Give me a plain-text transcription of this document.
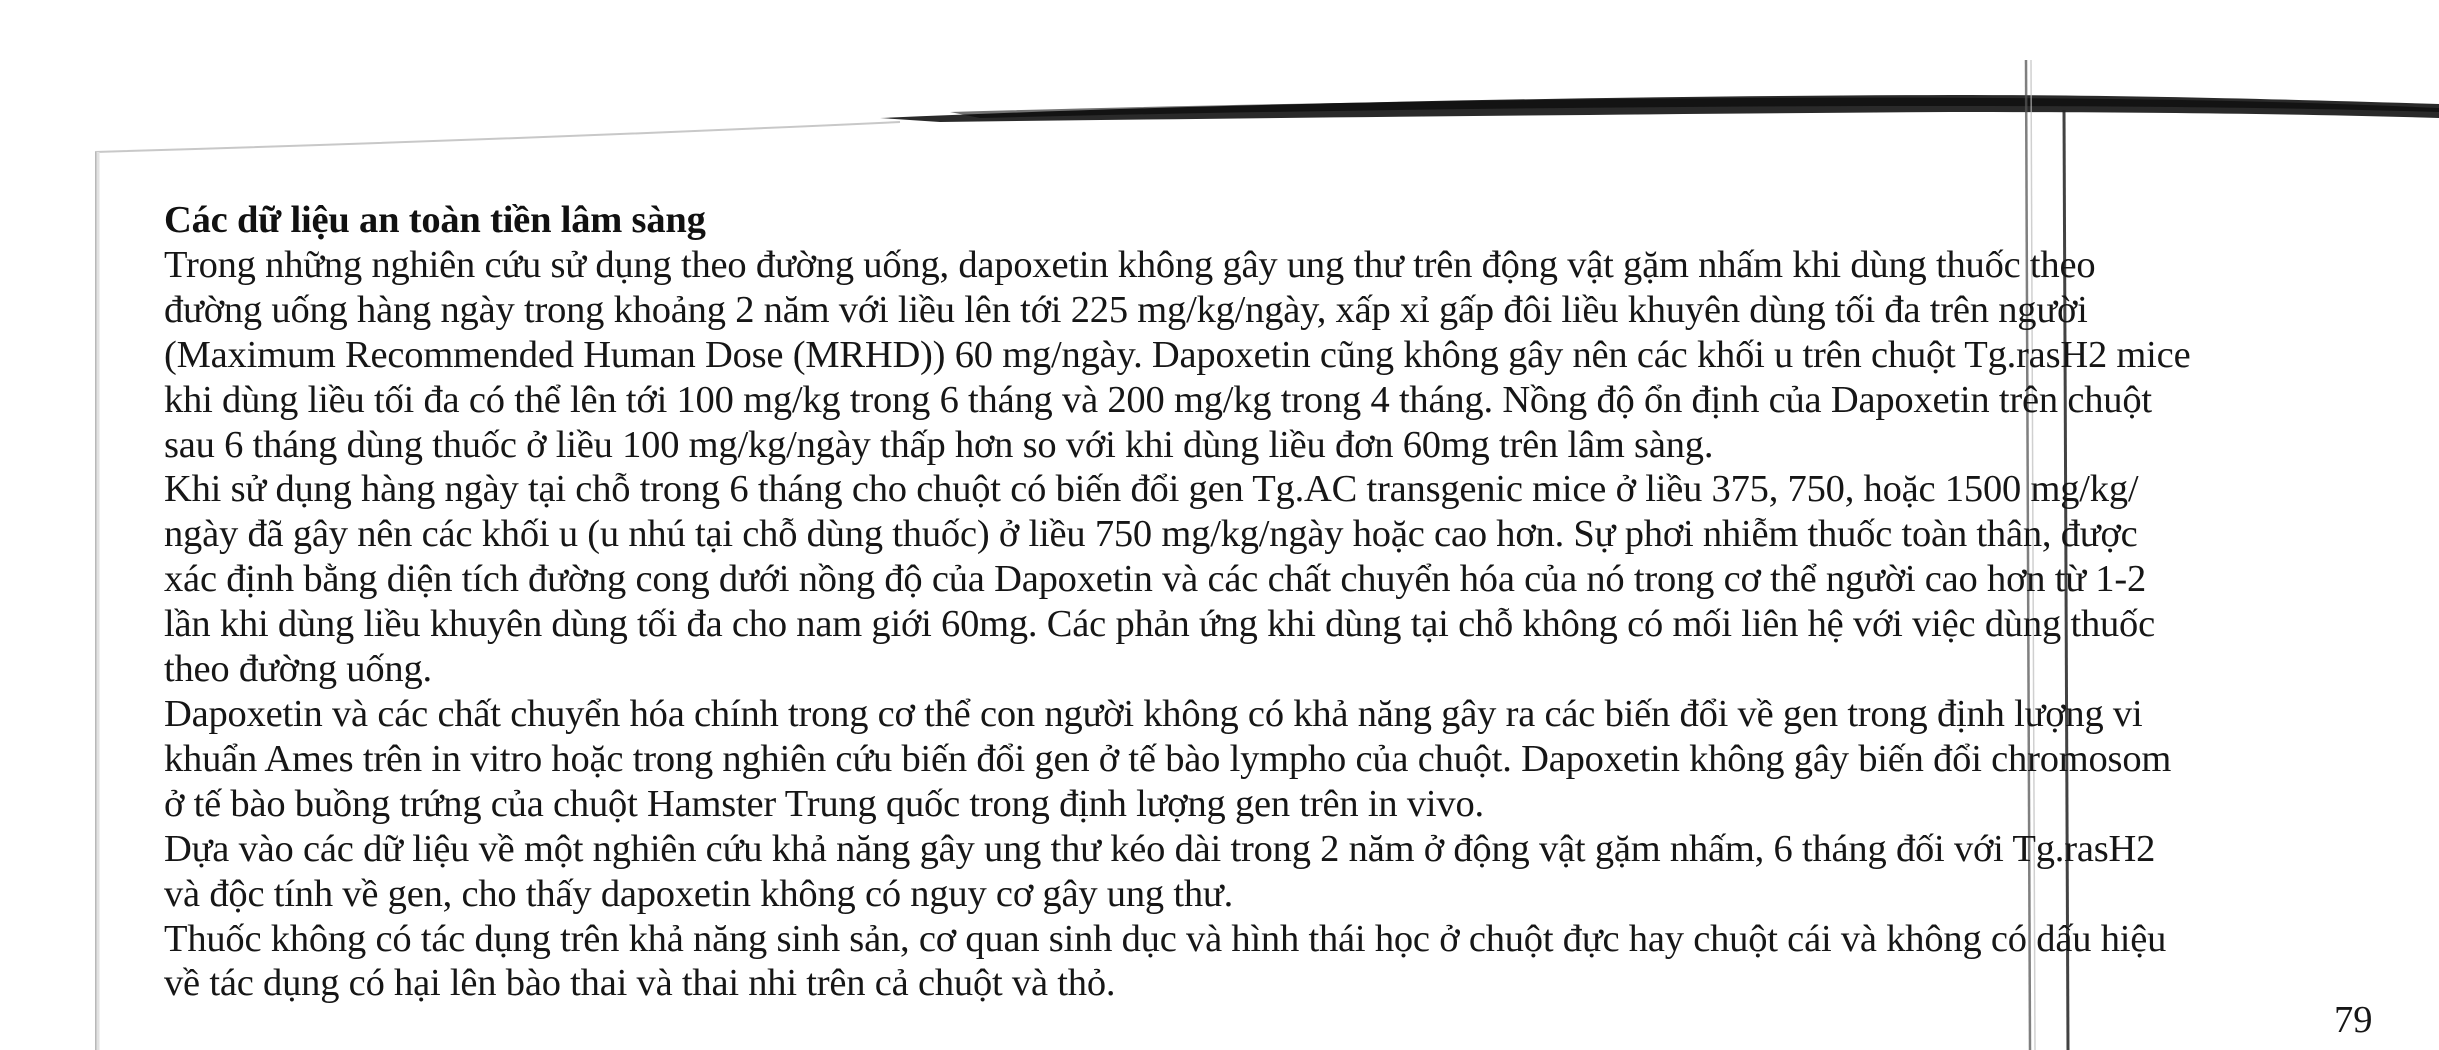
Các dữ liệu an toàn tiền lâm sàng
Trong những nghiên cứu sử dụng theo đường uống, dapoxetin không gây ung thư trên động vật gặm nhấm khi dùng thuốc theo
đường uống hàng ngày trong khoảng 2 năm với liều lên tới 225 mg/kg/ngày, xấp xỉ gấp đôi liều khuyên dùng tối đa trên người
(Maximum Recommended Human Dose (MRHD)) 60 mg/ngày. Dapoxetin cũng không gây nên các khối u trên chuột Tg.rasH2 mice
khi dùng liều tối đa có thể lên tới 100 mg/kg trong 6 tháng và 200 mg/kg trong 4 tháng. Nồng độ ổn định của Dapoxetin trên chuột
sau 6 tháng dùng thuốc ở liều 100 mg/kg/ngày thấp hơn so với khi dùng liều đơn 60mg trên lâm sàng.
Khi sử dụng hàng ngày tại chỗ trong 6 tháng cho chuột có biến đổi gen Tg.AC transgenic mice ở liều 375, 750, hoặc 1500 mg/kg/
ngày đã gây nên các khối u (u nhú tại chỗ dùng thuốc) ở liều 750 mg/kg/ngày hoặc cao hơn. Sự phơi nhiễm thuốc toàn thân, được
xác định bằng diện tích đường cong dưới nồng độ của Dapoxetin và các chất chuyển hóa của nó trong cơ thể người cao hơn từ 1-2
lần khi dùng liều khuyên dùng tối đa cho nam giới 60mg. Các phản ứng khi dùng tại chỗ không có mối liên hệ với việc dùng thuốc
theo đường uống.
Dapoxetin và các chất chuyển hóa chính trong cơ thể con người không có khả năng gây ra các biến đổi về gen trong định lượng vi
khuẩn Ames trên in vitro hoặc trong nghiên cứu biến đổi gen ở tế bào lympho của chuột. Dapoxetin không gây biến đổi chromosom
ở tế bào buồng trứng của chuột Hamster Trung quốc trong định lượng gen trên in vivo.
Dựa vào các dữ liệu về một nghiên cứu khả năng gây ung thư kéo dài trong 2 năm ở động vật gặm nhấm, 6 tháng đối với Tg.rasH2
và độc tính về gen, cho thấy dapoxetin không có nguy cơ gây ung thư.
Thuốc không có tác dụng trên khả năng sinh sản, cơ quan sinh dục và hình thái học ở chuột đực hay chuột cái và không có dấu hiệu
về tác dụng có hại lên bào thai và thai nhi trên cả chuột và thỏ.
79
